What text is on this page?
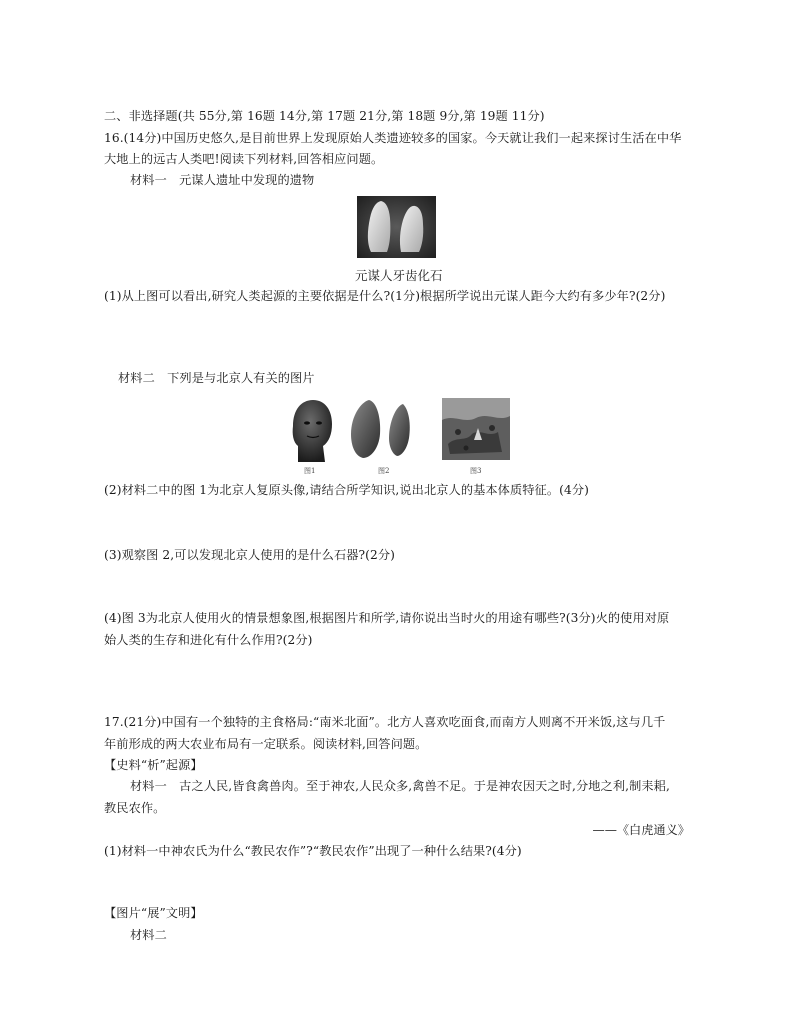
二、非选择题(共 55分,第 16题 14分,第 17题 21分,第 18题 9分,第 19题 11分)
16.(14分)中国历史悠久,是目前世界上发现原始人类遗迹较多的国家。今天就让我们一起来探讨生活在中华
大地上的远古人类吧!阅读下列材料,回答相应问题。
材料一　元谋人遗址中发现的遗物
元谋人牙齿化石
(1)从上图可以看出,研究人类起源的主要依据是什么?(1分)根据所学说出元谋人距今大约有多少年?(2分)
材料二　下列是与北京人有关的图片
图1	图2	图3
(2)材料二中的图 1为北京人复原头像,请结合所学知识,说出北京人的基本体质特征。(4分)
(3)观察图 2,可以发现北京人使用的是什么石器?(2分)
(4)图 3为北京人使用火的情景想象图,根据图片和所学,请你说出当时火的用途有哪些?(3分)火的使用对原
始人类的生存和进化有什么作用?(2分)
17.(21分)中国有一个独特的主食格局:“南米北面”。北方人喜欢吃面食,而南方人则离不开米饭,这与几千
年前形成的两大农业布局有一定联系。阅读材料,回答问题。
【史料“析”起源】
材料一　古之人民,皆食禽兽肉。至于神农,人民众多,禽兽不足。于是神农因天之时,分地之利,制耒耜,
教民农作。
——《白虎通义》
(1)材料一中神农氏为什么“教民农作”?“教民农作”出现了一种什么结果?(4分)
【图片“展”文明】
材料二
